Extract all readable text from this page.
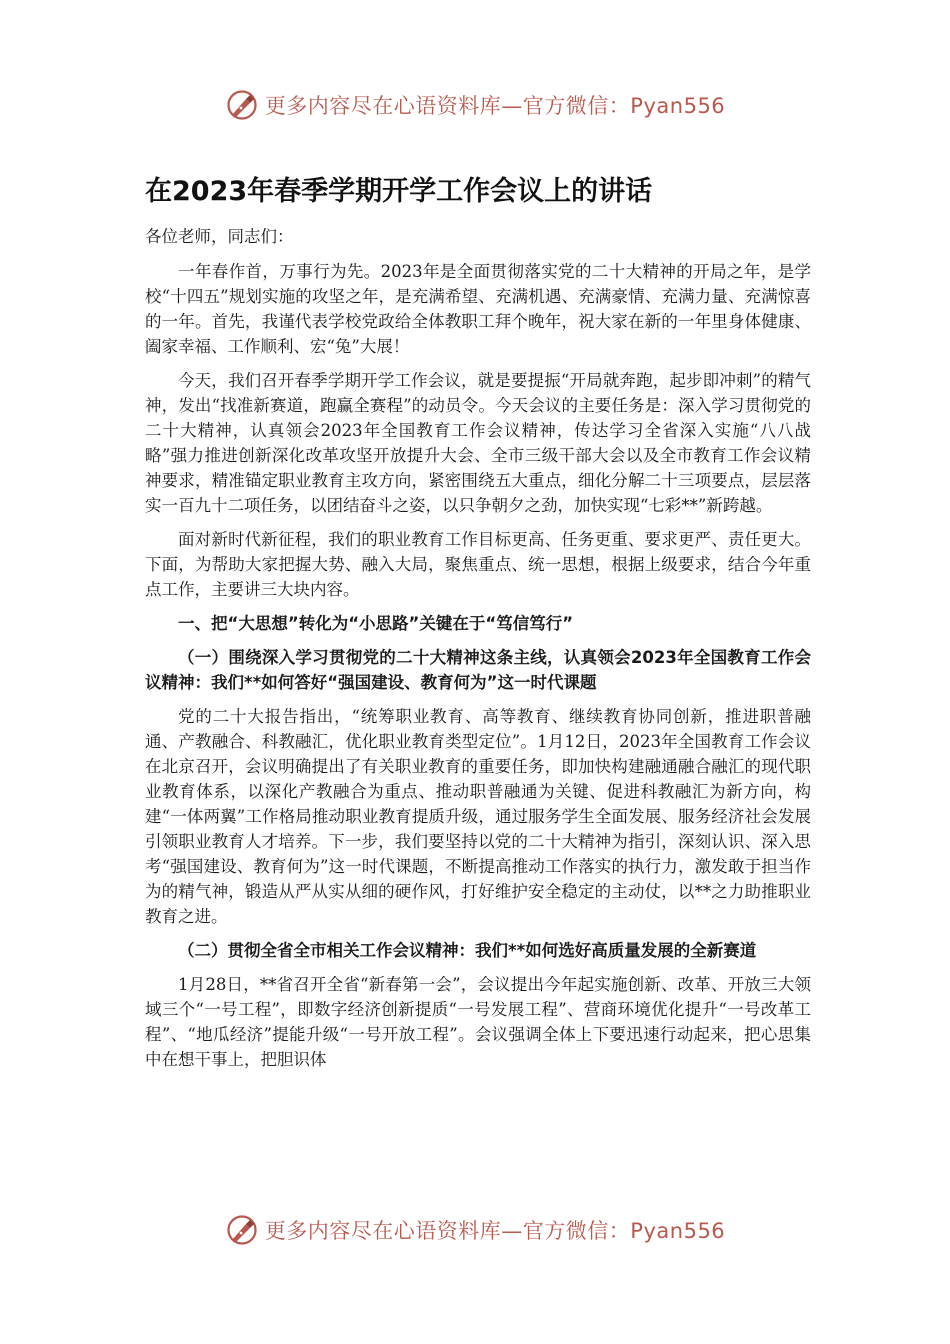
更多内容尽在心语资料库—官方微信：Pyan556
在2023年春季学期开学工作会议上的讲话

各位老师，同志们：

一年春作首，万事行为先。2023年是全面贯彻落实党的二十大精神的开局之年，是学校“十四五”规划实施的攻坚之年，是充满希望、充满机遇、充满豪情、充满力量、充满惊喜的一年。首先，我谨代表学校党政给全体教职工拜个晚年，祝大家在新的一年里身体健康、阖家幸福、工作顺利、宏“兔”大展！

今天，我们召开春季学期开学工作会议，就是要提振“开局就奔跑，起步即冲刺”的精气神，发出“找准新赛道，跑赢全赛程”的动员令。今天会议的主要任务是：深入学习贯彻党的二十大精神，认真领会2023年全国教育工作会议精神，传达学习全省深入实施“八八战略”强力推进创新深化改革攻坚开放提升大会、全市三级干部大会以及全市教育工作会议精神要求，精准锚定职业教育主攻方向，紧密围绕五大重点，细化分解二十三项要点，层层落实一百九十二项任务，以团结奋斗之姿，以只争朝夕之劲，加快实现“七彩**”新跨越。

面对新时代新征程，我们的职业教育工作目标更高、任务更重、要求更严、责任更大。下面，为帮助大家把握大势、融入大局，聚焦重点、统一思想，根据上级要求，结合今年重点工作，主要讲三大块内容。

一、把“大思想”转化为“小思路”关键在于“笃信笃行”

（一）围绕深入学习贯彻党的二十大精神这条主线，认真领会2023年全国教育工作会议精神：我们**如何答好“强国建设、教育何为”这一时代课题

党的二十大报告指出，“统筹职业教育、高等教育、继续教育协同创新，推进职普融通、产教融合、科教融汇，优化职业教育类型定位”。1月12日，2023年全国教育工作会议在北京召开，会议明确提出了有关职业教育的重要任务，即加快构建融通融合融汇的现代职业教育体系，以深化产教融合为重点、推动职普融通为关键、促进科教融汇为新方向，构建“一体两翼”工作格局推动职业教育提质升级，通过服务学生全面发展、服务经济社会发展引领职业教育人才培养。下一步，我们要坚持以党的二十大精神为指引，深刻认识、深入思考“强国建设、教育何为”这一时代课题，不断提高推动工作落实的执行力，激发敢于担当作为的精气神，锻造从严从实从细的硬作风，打好维护安全稳定的主动仗，以**之力助推职业教育之进。

（二）贯彻全省全市相关工作会议精神：我们**如何选好高质量发展的全新赛道

1月28日，**省召开全省“新春第一会”，会议提出今年起实施创新、改革、开放三大领域三个“一号工程”，即数字经济创新提质“一号发展工程”、营商环境优化提升“一号改革工程”、“地瓜经济”提能升级“一号开放工程”。会议强调全体上下要迅速行动起来，把心思集中在想干事上，把胆识体

更多内容尽在心语资料库—官方微信：Pyan556
